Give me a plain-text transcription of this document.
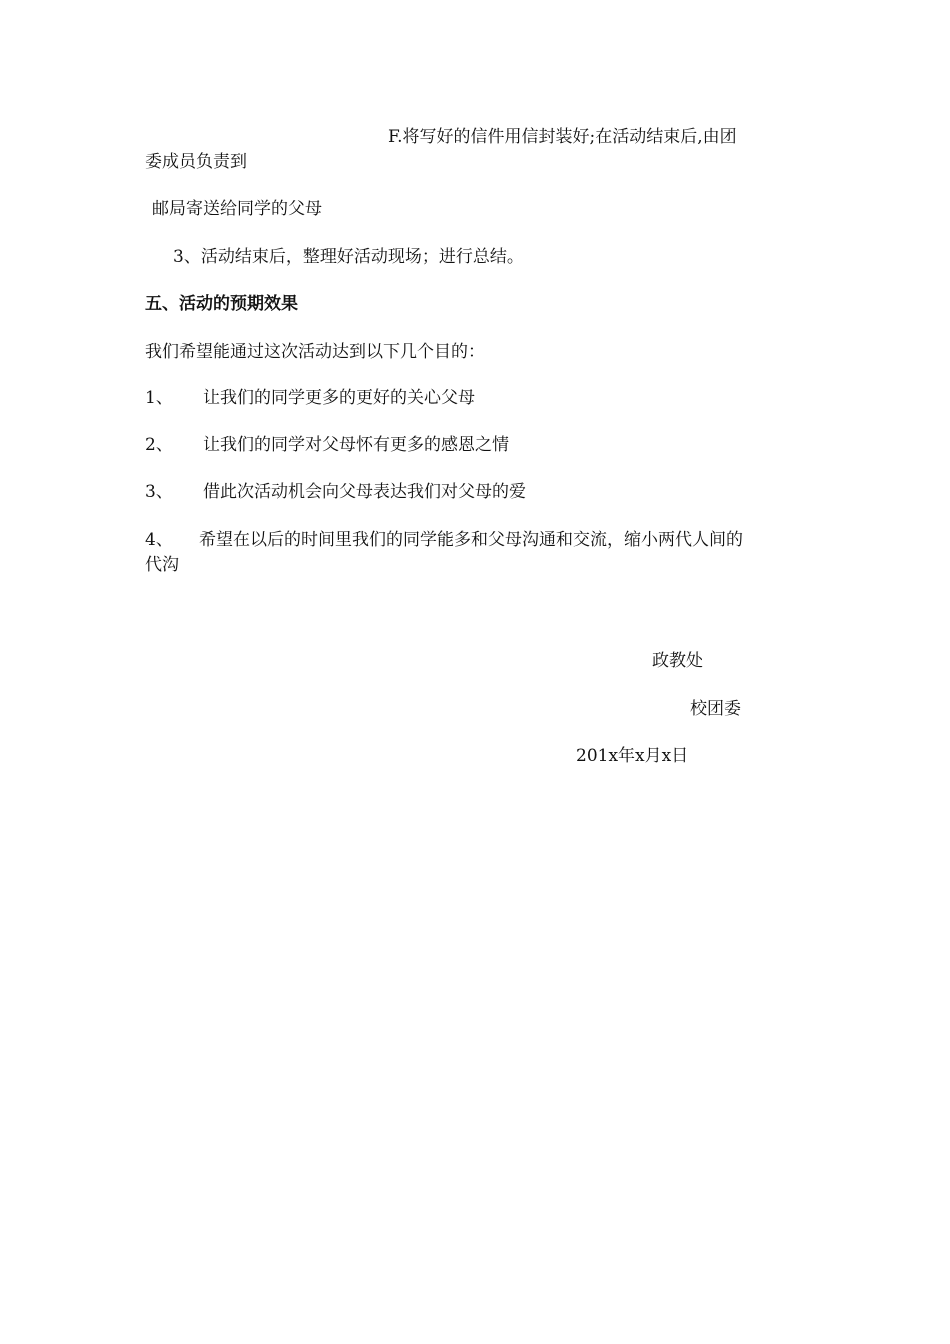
F.将写好的信件用信封装好;在活动结束后,由团
委成员负责到
邮局寄送给同学的父母
3、活动结束后，整理好活动现场；进行总结。
五、活动的预期效果
我们希望能通过这次活动达到以下几个目的：
1、 让我们的同学更多的更好的关心父母
2、 让我们的同学对父母怀有更多的感恩之情
3、 借此次活动机会向父母表达我们对父母的爱
4、 希望在以后的时间里我们的同学能多和父母沟通和交流，缩小两代人间的
代沟
政教处
校团委
201x年x月x日
